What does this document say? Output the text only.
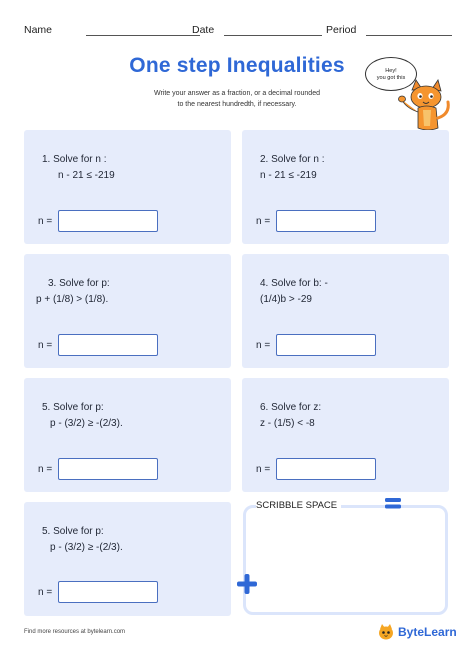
Name	Date	Period
One step Inequalities
Write your answer as a fraction, or a decimal rounded
to the nearest hundredth, if necessary.
Hey!
you got this
1. Solve for n :
n - 21 ≤ -219
n =
2. Solve for n :
n - 21 ≤ -219
n =
3. Solve for p:
p + (1/8) > (1/8).
n =
4. Solve for b: -
(1/4)b > -29
n =
5. Solve for p:
p - (3/2) ≥ -(2/3).
n =
6. Solve for z:
z - (1/5) < -8
n =
5. Solve for p:
p - (3/2) ≥ -(2/3).
n =
SCRIBBLE SPACE
Find more resources at bytelearn.com	ByteLearn
